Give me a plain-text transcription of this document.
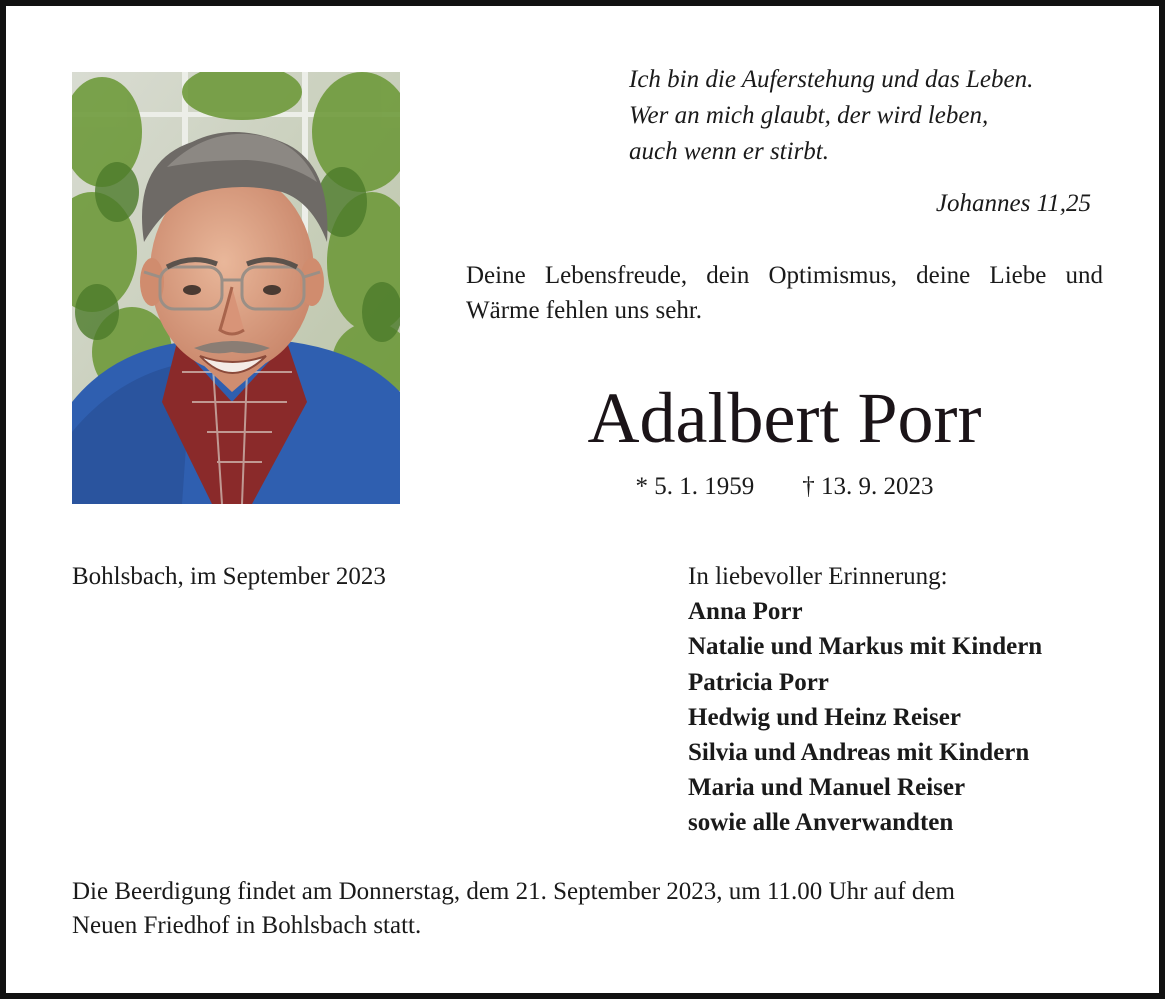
Ich bin die Auferstehung und das Leben.
Wer an mich glaubt, der wird leben,
auch wenn er stirbt.
Johannes 11,25
Deine Lebensfreude, dein Optimismus, deine Liebe und Wärme fehlen uns sehr.
Adalbert Porr
* 5. 1. 1959 † 13. 9. 2023
Bohlsbach, im September 2023	In liebevoller Erinnerung:
Anna Porr
Natalie und Markus mit Kindern
Patricia Porr
Hedwig und Heinz Reiser
Silvia und Andreas mit Kindern
Maria und Manuel Reiser
sowie alle Anverwandten
Die Beerdigung findet am Donnerstag, dem 21. September 2023, um 11.00 Uhr auf dem
Neuen Friedhof in Bohlsbach statt.
